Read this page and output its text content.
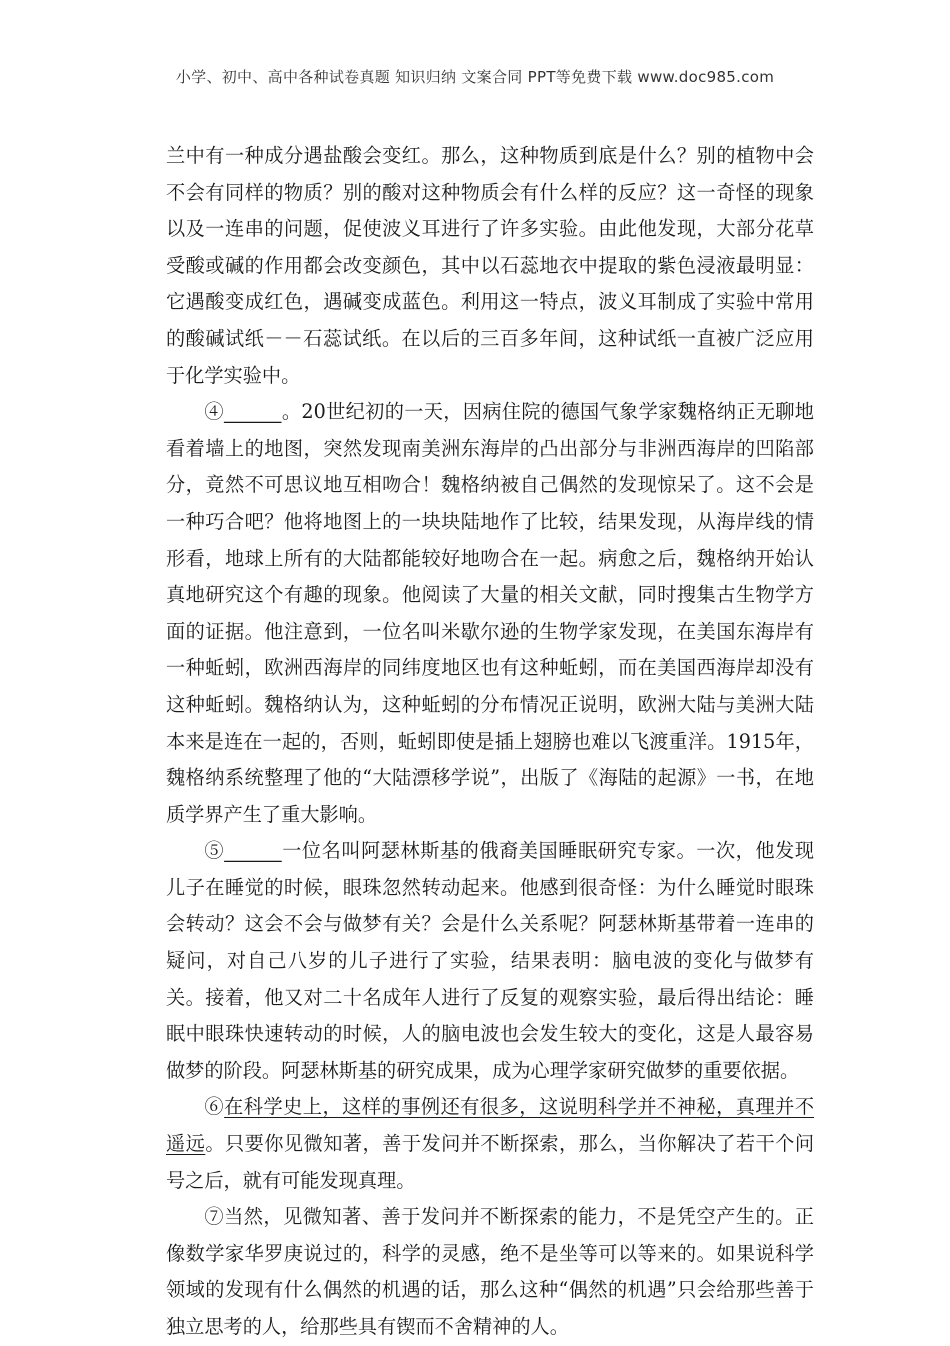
小学、初中、高中各种试卷真题 知识归纳 文案合同 PPT等免费下载 www.doc985.com

兰中有一种成分遇盐酸会变红。那么，这种物质到底是什么？别的植物中会不会有同样的物质？别的酸对这种物质会有什么样的反应？这一奇怪的现象以及一连串的问题，促使波义耳进行了许多实验。由此他发现，大部分花草受酸或碱的作用都会改变颜色，其中以石蕊地衣中提取的紫色浸液最明显：它遇酸变成红色，遇碱变成蓝色。利用这一特点，波义耳制成了实验中常用的酸碱试纸－－石蕊试纸。在以后的三百多年间，这种试纸一直被广泛应用于化学实验中。

④______。20世纪初的一天，因病住院的德国气象学家魏格纳正无聊地看着墙上的地图，突然发现南美洲东海岸的凸出部分与非洲西海岸的凹陷部分，竟然不可思议地互相吻合！魏格纳被自己偶然的发现惊呆了。这不会是一种巧合吧？他将地图上的一块块陆地作了比较，结果发现，从海岸线的情形看，地球上所有的大陆都能较好地吻合在一起。病愈之后，魏格纳开始认真地研究这个有趣的现象。他阅读了大量的相关文献，同时搜集古生物学方面的证据。他注意到，一位名叫米歇尔逊的生物学家发现，在美国东海岸有一种蚯蚓，欧洲西海岸的同纬度地区也有这种蚯蚓，而在美国西海岸却没有这种蚯蚓。魏格纳认为，这种蚯蚓的分布情况正说明，欧洲大陆与美洲大陆本来是连在一起的，否则，蚯蚓即使是插上翅膀也难以飞渡重洋。1915年，魏格纳系统整理了他的“大陆漂移学说”，出版了《海陆的起源》一书，在地质学界产生了重大影响。

⑤______一位名叫阿瑟林斯基的俄裔美国睡眠研究专家。一次，他发现儿子在睡觉的时候，眼珠忽然转动起来。他感到很奇怪：为什么睡觉时眼珠会转动？这会不会与做梦有关？会是什么关系呢？阿瑟林斯基带着一连串的疑问，对自己八岁的儿子进行了实验，结果表明：脑电波的变化与做梦有关。接着，他又对二十名成年人进行了反复的观察实验，最后得出结论：睡眠中眼珠快速转动的时候，人的脑电波也会发生较大的变化，这是人最容易做梦的阶段。阿瑟林斯基的研究成果，成为心理学家研究做梦的重要依据。

⑥在科学史上，这样的事例还有很多，这说明科学并不神秘，真理并不遥远。只要你见微知著，善于发问并不断探索，那么，当你解决了若干个问号之后，就有可能发现真理。

⑦当然，见微知著、善于发问并不断探索的能力，不是凭空产生的。正像数学家华罗庚说过的，科学的灵感，绝不是坐等可以等来的。如果说科学领域的发现有什么偶然的机遇的话，那么这种“偶然的机遇”只会给那些善于独立思考的人，给那些具有锲而不舍精神的人。
